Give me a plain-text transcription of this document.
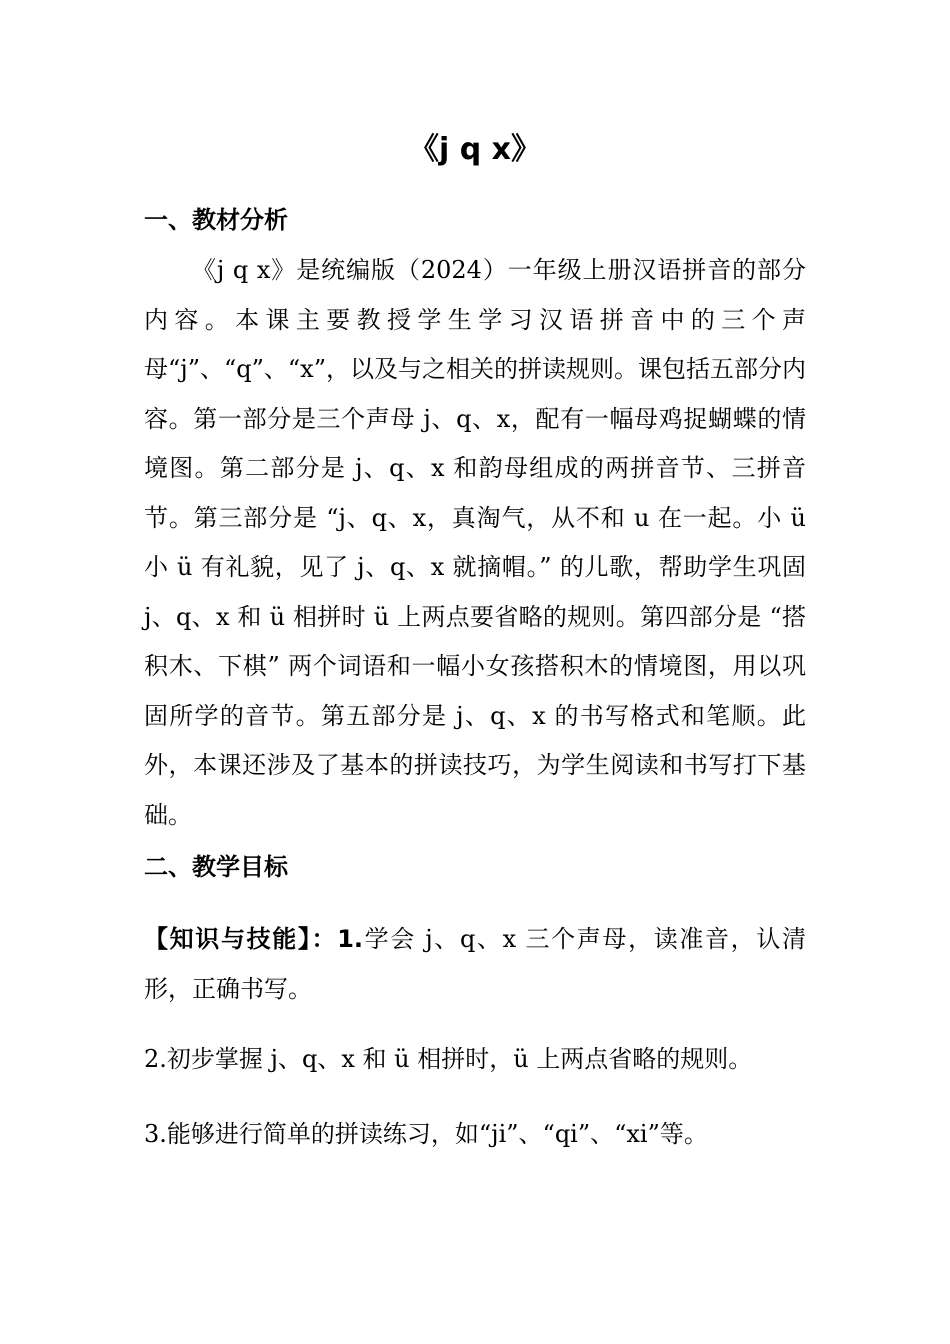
《j q x》
一、教材分析

《j q x》是统编版（2024）一年级上册汉语拼音的部分内容。本课主要教授学生学习汉语拼音中的三个声母“j”、“q”、“x”，以及与之相关的拼读规则。课包括五部分内容。第一部分是三个声母 j、q、x，配有一幅母鸡捉蝴蝶的情境图。第二部分是 j、q、x 和韵母组成的两拼音节、三拼音节。第三部分是 “j、q、x，真淘气，从不和 u 在一起。小 ü 小 ü 有礼貌，见了 j、q、x 就摘帽。” 的儿歌，帮助学生巩固 j、q、x 和 ü 相拼时 ü 上两点要省略的规则。第四部分是 “搭积木、下棋” 两个词语和一幅小女孩搭积木的情境图，用以巩固所学的音节。第五部分是 j、q、x 的书写格式和笔顺。此外，本课还涉及了基本的拼读技巧，为学生阅读和书写打下基础。

二、教学目标

【知识与技能】：1.学会 j、q、x 三个声母，读准音，认清形，正确书写。

2.初步掌握 j、q、x 和 ü 相拼时，ü 上两点省略的规则。

3.能够进行简单的拼读练习，如“ji”、“qi”、“xi”等。
